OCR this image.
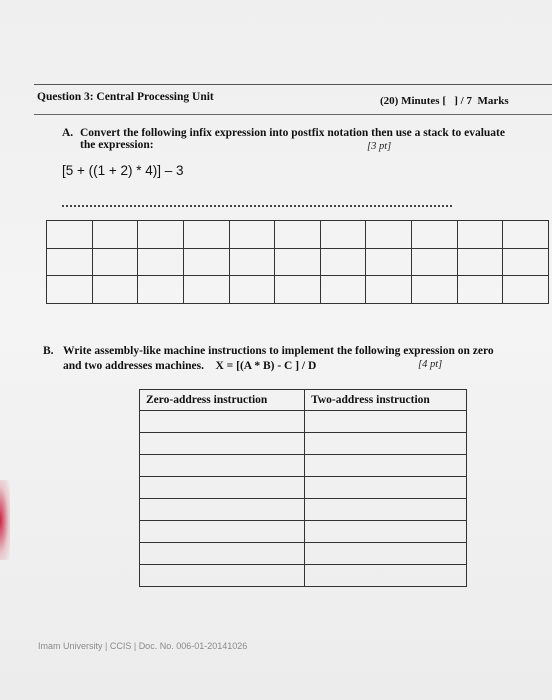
Question 3: Central Processing Unit	(20) Minutes [   ] / 7  Marks
A. Convert the following infix expression into postfix notation then use a stack to evaluate
the expression:	[3 pt]
[5 + ((1 + 2) * 4)] – 3

B. Write assembly-like machine instructions to implement the following expression on zero
and two addresses machines. X = [(A * B) - C ] / D	[4 pt]
Zero-address instruction	Two-address instruction

Imam University | CCIS | Doc. No. 006-01-20141026
